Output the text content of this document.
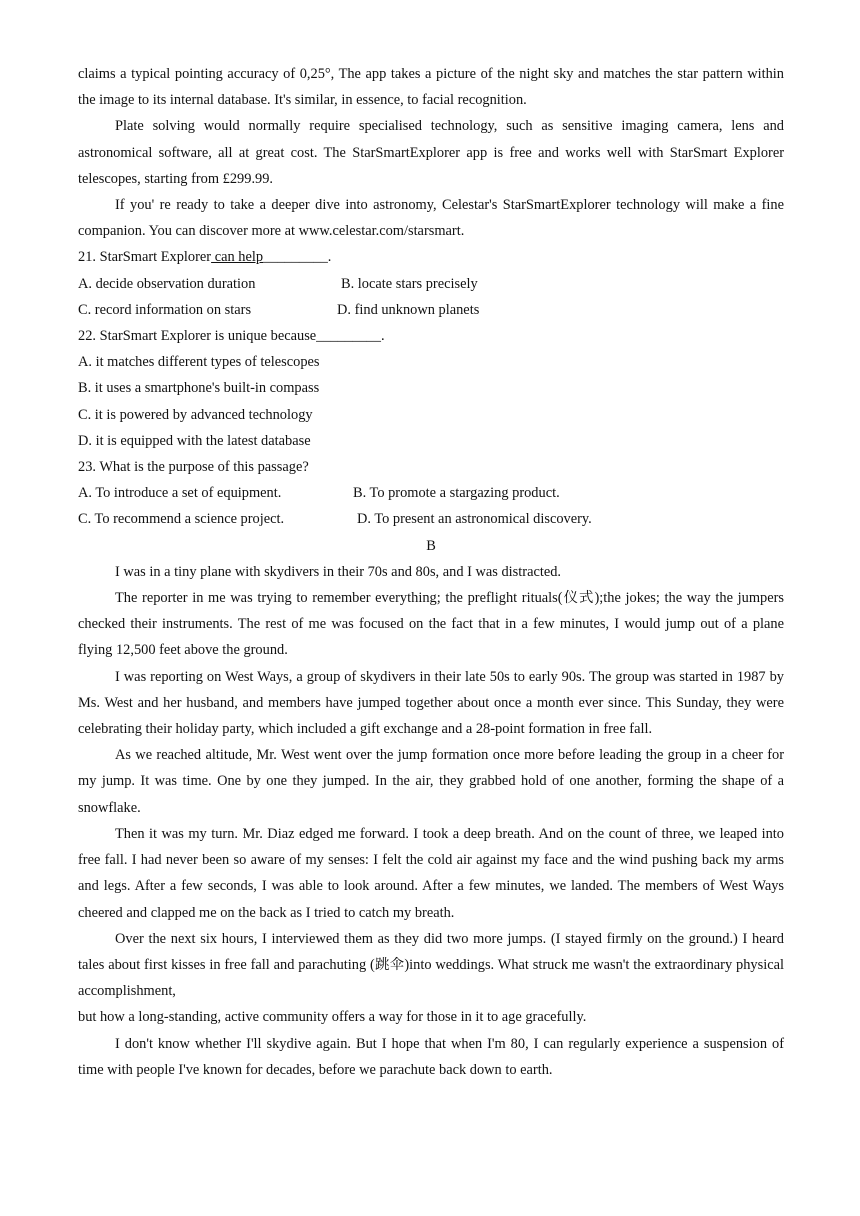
claims a typical pointing accuracy of 0,25°, The app takes a picture of the night sky and matches the star pattern within the image to its internal database. It's similar, in essence, to facial recognition.

Plate solving would normally require specialised technology, such as sensitive imaging camera, lens and astronomical software, all at great cost. The StarSmartExplorer app is free and works well with StarSmart Explorer telescopes, starting from £299.99.

If you' re ready to take a deeper dive into astronomy, Celestar's StarSmartExplorer technology will make a fine companion. You can discover more at www.celestar.com/starsmart.

21. StarSmart Explorer can help_________.

A. decide observation duration	B. locate stars precisely
C. record information on stars	D. find unknown planets

22. StarSmart Explorer is unique because_________.

A. it matches different types of telescopes

B. it uses a smartphone's built-in compass

C. it is powered by advanced technology

D. it is equipped with the latest database

23. What is the purpose of this passage?

A. To introduce a set of equipment.	B. To promote a stargazing product.
C. To recommend a science project.	D. To present an astronomical discovery.

B

I was in a tiny plane with skydivers in their 70s and 80s, and I was distracted.

The reporter in me was trying to remember everything; the preflight rituals(仪式);the jokes; the way the jumpers checked their instruments. The rest of me was focused on the fact that in a few minutes, I would jump out of a plane flying 12,500 feet above the ground.

I was reporting on West Ways, a group of skydivers in their late 50s to early 90s. The group was started in 1987 by Ms. West and her husband, and members have jumped together about once a month ever since. This Sunday, they were celebrating their holiday party, which included a gift exchange and a 28-point formation in free fall.

As we reached altitude, Mr. West went over the jump formation once more before leading the group in a cheer for my jump. It was time. One by one they jumped. In the air, they grabbed hold of one another, forming the shape of a snowflake.

Then it was my turn. Mr. Diaz edged me forward. I took a deep breath. And on the count of three, we leaped into free fall. I had never been so aware of my senses: I felt the cold air against my face and the wind pushing back my arms and legs. After a few seconds, I was able to look around. After a few minutes, we landed. The members of West Ways cheered and clapped me on the back as I tried to catch my breath.

Over the next six hours, I interviewed them as they did two more jumps. (I stayed firmly on the ground.) I heard tales about first kisses in free fall and parachuting (跳伞)into weddings. What struck me wasn't the extraordinary physical accomplishment,

but how a long-standing, active community offers a way for those in it to age gracefully.

I don't know whether I'll skydive again. But I hope that when I'm 80, I can regularly experience a suspension of time with people I've known for decades, before we parachute back down to earth.
